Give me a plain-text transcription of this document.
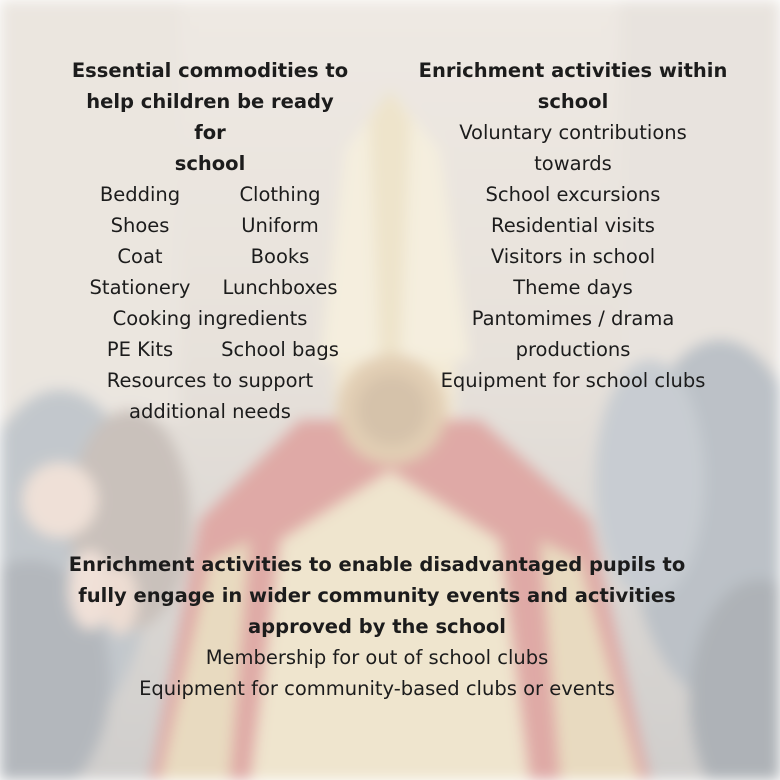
Essential commodities to
help children be ready for
school
Bedding	Clothing
Shoes	Uniform
Coat	Books
Stationery	Lunchboxes
Cooking ingredients
PE Kits	School bags
Resources to support
additional needs
Enrichment activities within
school
Voluntary contributions
towards
School excursions
Residential visits
Visitors in school
Theme days
Pantomimes / drama
productions
Equipment for school clubs
Enrichment activities to enable disadvantaged pupils to
fully engage in wider community events and activities
approved by the school
Membership for out of school clubs
Equipment for community-based clubs or events
